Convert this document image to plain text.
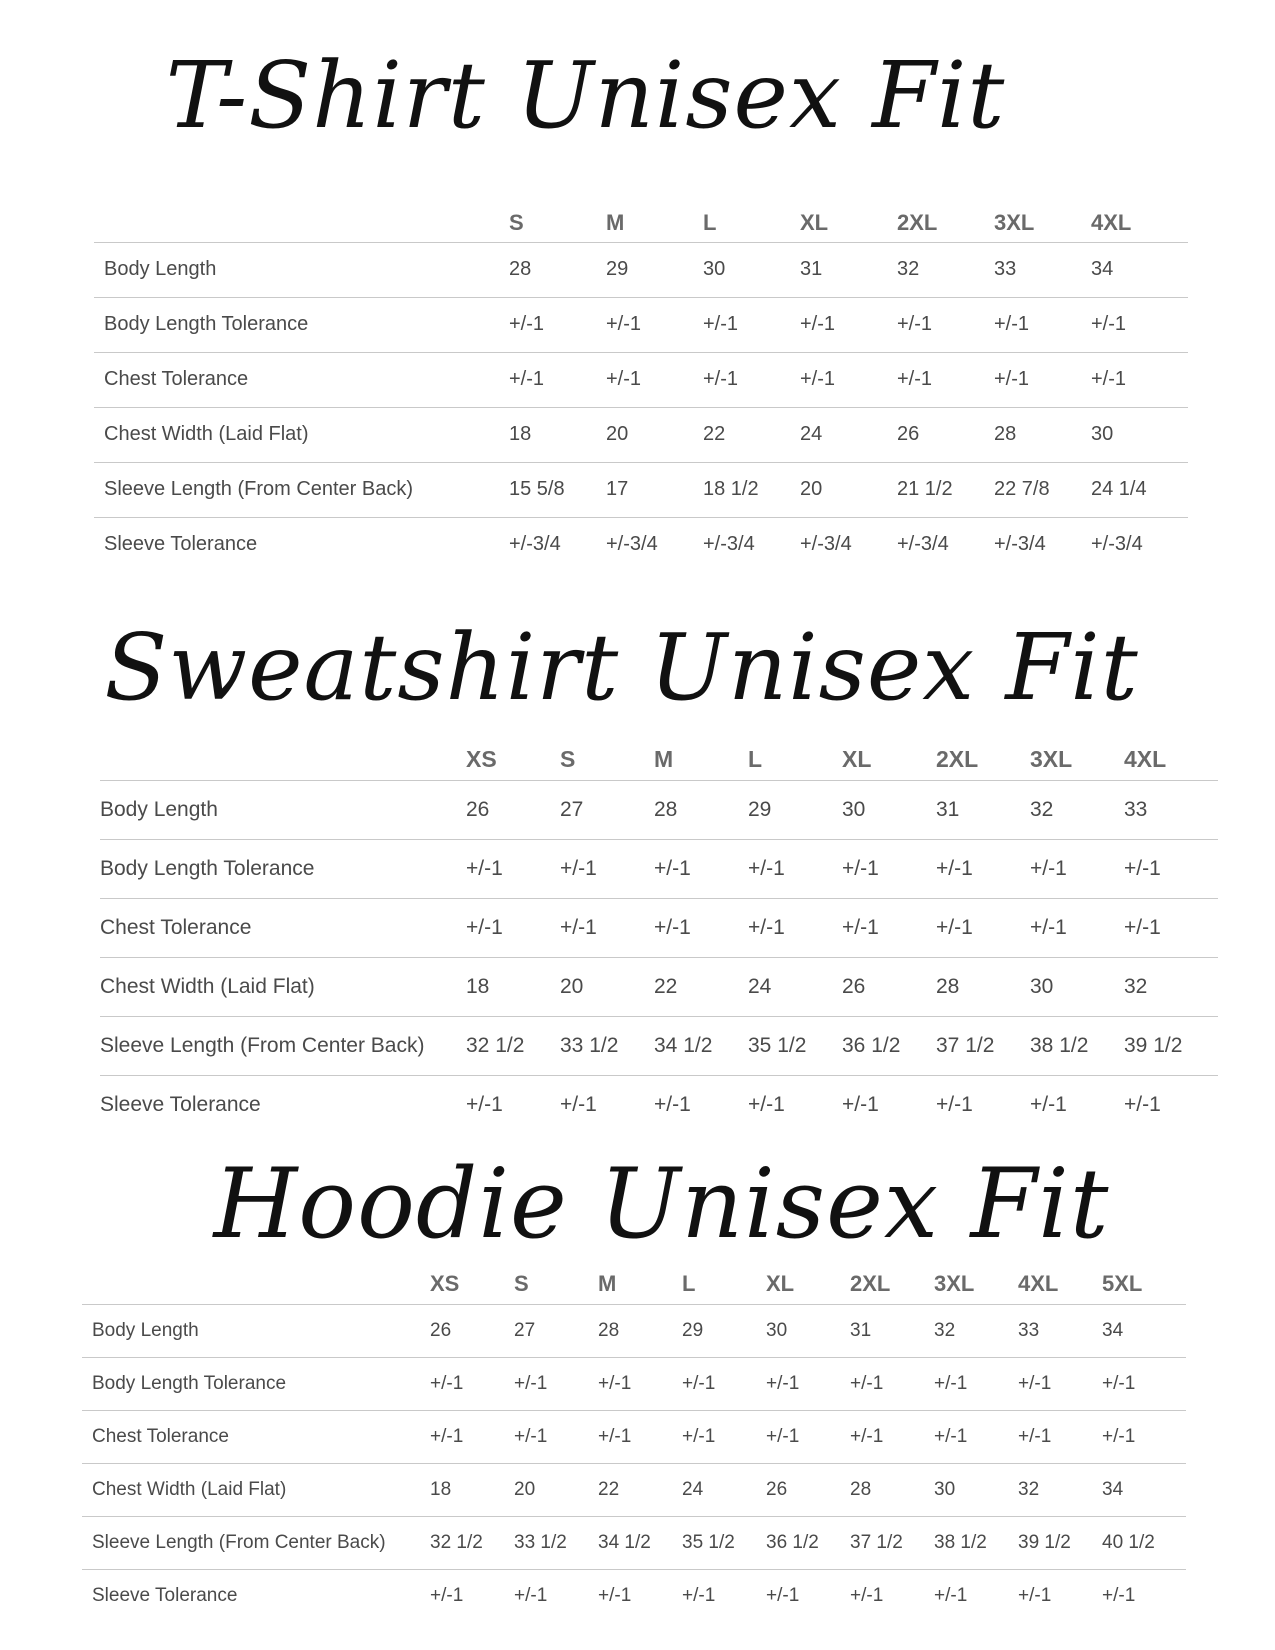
T-Shirt Unisex Fit
	S	M	L	XL	2XL	3XL	4XL
Body Length	28	29	30	31	32	33	34
Body Length Tolerance	+/-1	+/-1	+/-1	+/-1	+/-1	+/-1	+/-1
Chest Tolerance	+/-1	+/-1	+/-1	+/-1	+/-1	+/-1	+/-1
Chest Width (Laid Flat)	18	20	22	24	26	28	30
Sleeve Length (From Center Back)	15 5/8	17	18 1/2	20	21 1/2	22 7/8	24 1/4
Sleeve Tolerance	+/-3/4	+/-3/4	+/-3/4	+/-3/4	+/-3/4	+/-3/4	+/-3/4
Sweatshirt Unisex Fit
	XS	S	M	L	XL	2XL	3XL	4XL
Body Length	26	27	28	29	30	31	32	33
Body Length Tolerance	+/-1	+/-1	+/-1	+/-1	+/-1	+/-1	+/-1	+/-1
Chest Tolerance	+/-1	+/-1	+/-1	+/-1	+/-1	+/-1	+/-1	+/-1
Chest Width (Laid Flat)	18	20	22	24	26	28	30	32
Sleeve Length (From Center Back)	32 1/2	33 1/2	34 1/2	35 1/2	36 1/2	37 1/2	38 1/2	39 1/2
Sleeve Tolerance	+/-1	+/-1	+/-1	+/-1	+/-1	+/-1	+/-1	+/-1
Hoodie Unisex Fit
	XS	S	M	L	XL	2XL	3XL	4XL	5XL
Body Length	26	27	28	29	30	31	32	33	34
Body Length Tolerance	+/-1	+/-1	+/-1	+/-1	+/-1	+/-1	+/-1	+/-1	+/-1
Chest Tolerance	+/-1	+/-1	+/-1	+/-1	+/-1	+/-1	+/-1	+/-1	+/-1
Chest Width (Laid Flat)	18	20	22	24	26	28	30	32	34
Sleeve Length (From Center Back)	32 1/2	33 1/2	34 1/2	35 1/2	36 1/2	37 1/2	38 1/2	39 1/2	40 1/2
Sleeve Tolerance	+/-1	+/-1	+/-1	+/-1	+/-1	+/-1	+/-1	+/-1	+/-1
